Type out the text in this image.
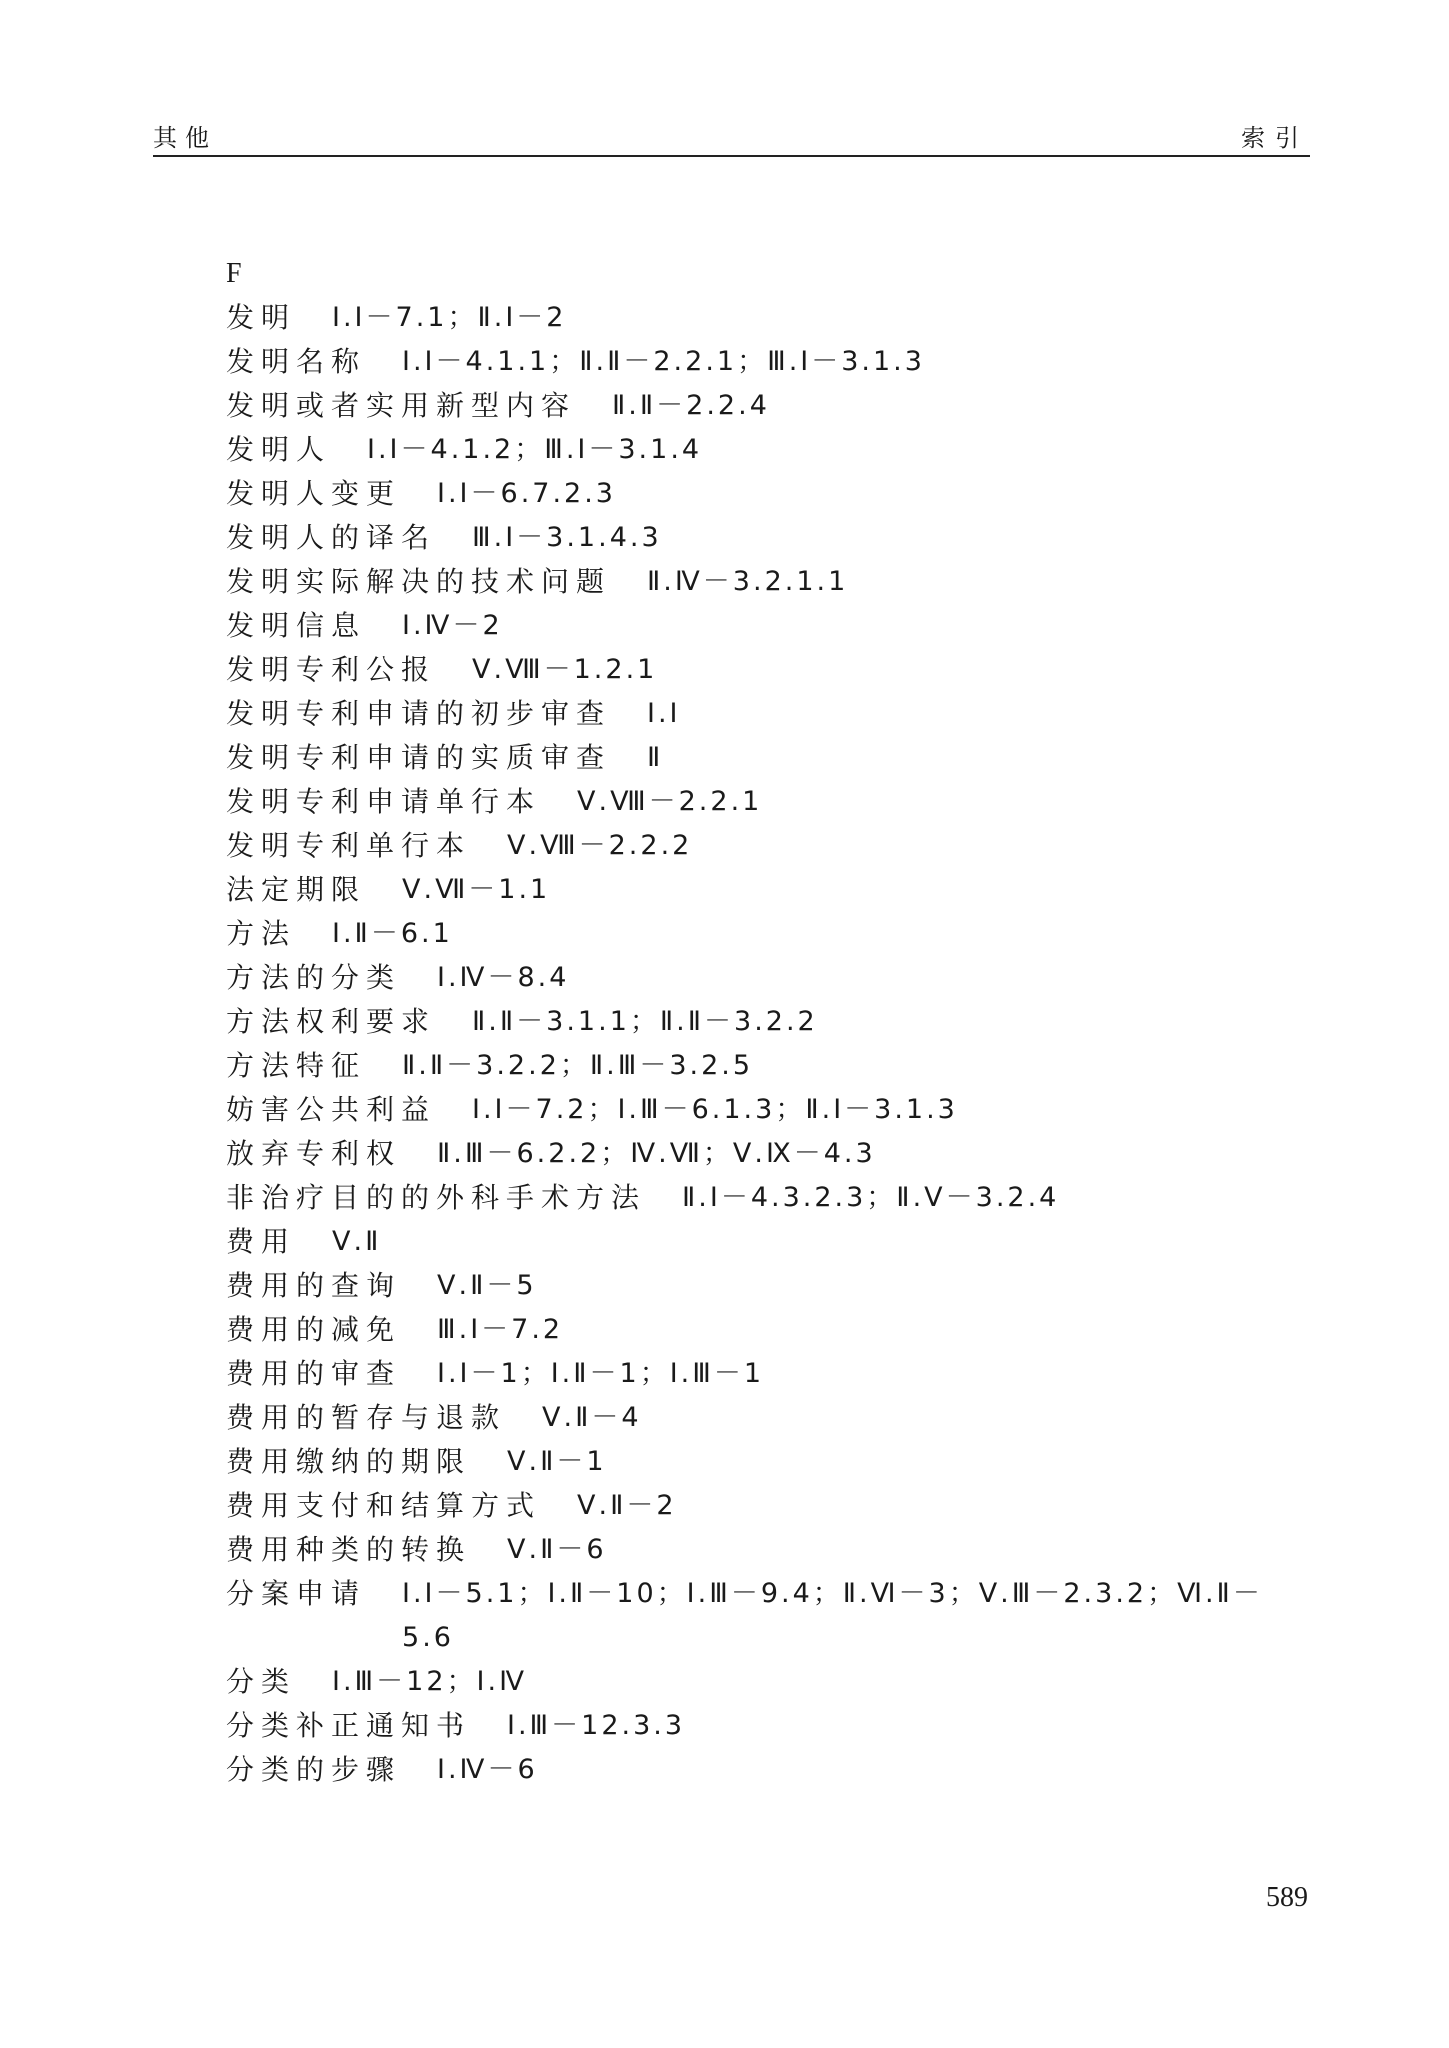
其他	索引
F
发明 Ⅰ.Ⅰ－7.1；Ⅱ.Ⅰ－2
发明名称 Ⅰ.Ⅰ－4.1.1；Ⅱ.Ⅱ－2.2.1；Ⅲ.Ⅰ－3.1.3
发明或者实用新型内容 Ⅱ.Ⅱ－2.2.4
发明人 Ⅰ.Ⅰ－4.1.2；Ⅲ.Ⅰ－3.1.4
发明人变更 Ⅰ.Ⅰ－6.7.2.3
发明人的译名 Ⅲ.Ⅰ－3.1.4.3
发明实际解决的技术问题 Ⅱ.Ⅳ－3.2.1.1
发明信息 Ⅰ.Ⅳ－2
发明专利公报 Ⅴ.Ⅷ－1.2.1
发明专利申请的初步审查 Ⅰ.Ⅰ
发明专利申请的实质审查 Ⅱ
发明专利申请单行本 Ⅴ.Ⅷ－2.2.1
发明专利单行本 Ⅴ.Ⅷ－2.2.2
法定期限 Ⅴ.Ⅶ－1.1
方法 Ⅰ.Ⅱ－6.1
方法的分类 Ⅰ.Ⅳ－8.4
方法权利要求 Ⅱ.Ⅱ－3.1.1；Ⅱ.Ⅱ－3.2.2
方法特征 Ⅱ.Ⅱ－3.2.2；Ⅱ.Ⅲ－3.2.5
妨害公共利益 Ⅰ.Ⅰ－7.2；Ⅰ.Ⅲ－6.1.3；Ⅱ.Ⅰ－3.1.3
放弃专利权 Ⅱ.Ⅲ－6.2.2；Ⅳ.Ⅶ；Ⅴ.Ⅸ－4.3
非治疗目的的外科手术方法 Ⅱ.Ⅰ－4.3.2.3；Ⅱ.Ⅴ－3.2.4
费用 Ⅴ.Ⅱ
费用的查询 Ⅴ.Ⅱ－5
费用的减免 Ⅲ.Ⅰ－7.2
费用的审查 Ⅰ.Ⅰ－1；Ⅰ.Ⅱ－1；Ⅰ.Ⅲ－1
费用的暂存与退款 Ⅴ.Ⅱ－4
费用缴纳的期限 Ⅴ.Ⅱ－1
费用支付和结算方式 Ⅴ.Ⅱ－2
费用种类的转换 Ⅴ.Ⅱ－6
分案申请 Ⅰ.Ⅰ－5.1；Ⅰ.Ⅱ－10；Ⅰ.Ⅲ－9.4；Ⅱ.Ⅵ－3；Ⅴ.Ⅲ－2.3.2；Ⅵ.Ⅱ－5.6
分类 Ⅰ.Ⅲ－12；Ⅰ.Ⅳ
分类补正通知书 Ⅰ.Ⅲ－12.3.3
分类的步骤 Ⅰ.Ⅳ－6
589
